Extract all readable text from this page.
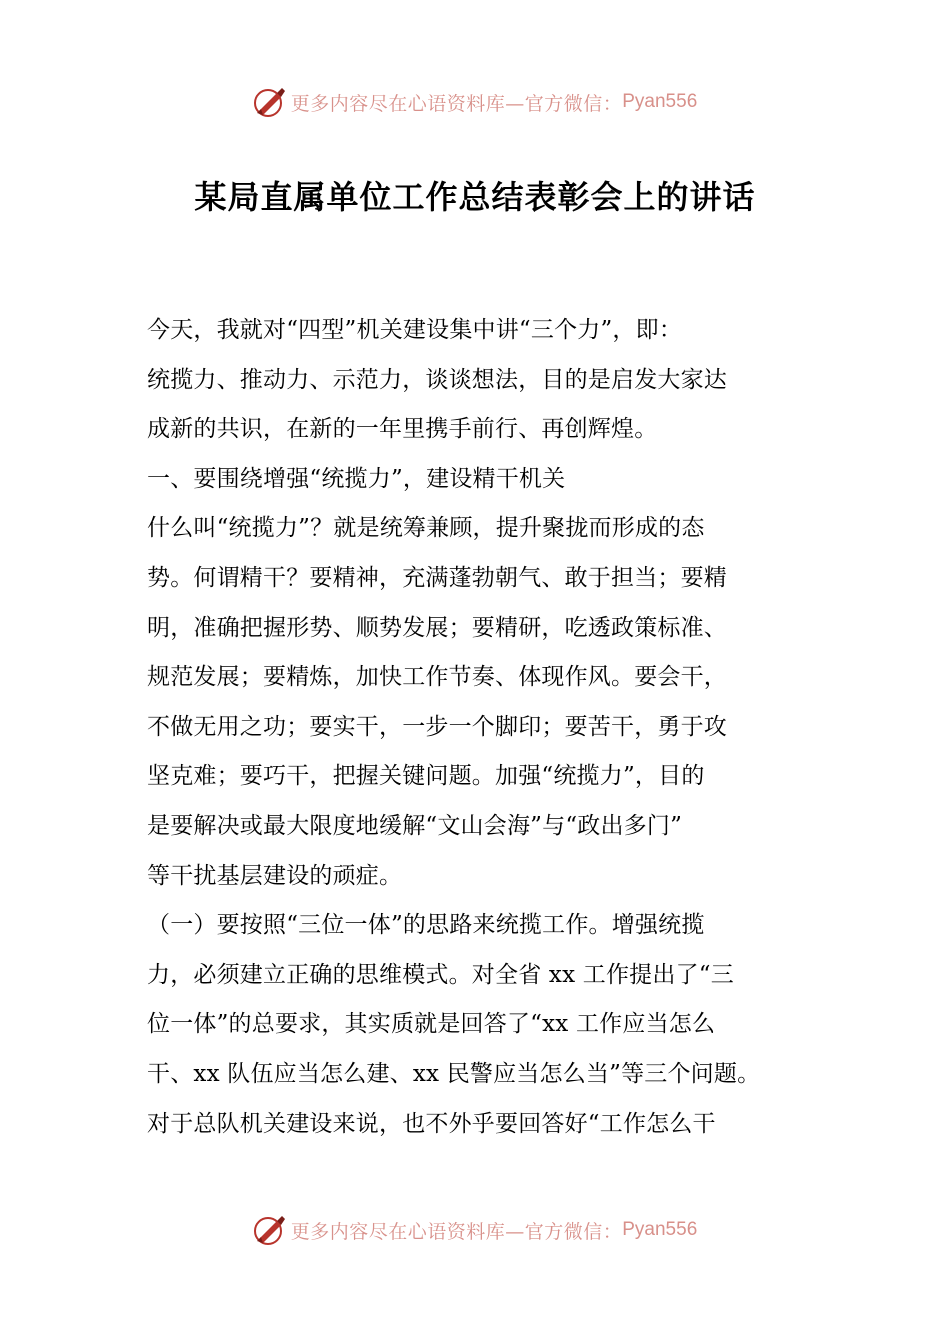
更多内容尽在心语资料库—官方微信： Pyan556
某局直属单位工作总结表彰会上的讲话
今天，我就对“四型”机关建设集中讲“三个力”，即：
统揽力、推动力、示范力，谈谈想法，目的是启发大家达
成新的共识，在新的一年里携手前行、再创辉煌。
一、要围绕增强“统揽力”，建设精干机关
什么叫“统揽力”？就是统筹兼顾，提升聚拢而形成的态
势。何谓精干？要精神，充满蓬勃朝气、敢于担当；要精
明，准确把握形势、顺势发展；要精研，吃透政策标准、
规范发展；要精炼，加快工作节奏、体现作风。要会干，
不做无用之功；要实干，一步一个脚印；要苦干，勇于攻
坚克难；要巧干，把握关键问题。加强“统揽力”，目的
是要解决或最大限度地缓解“文山会海”与“政出多门”
等干扰基层建设的顽症。
（一）要按照“三位一体”的思路来统揽工作。增强统揽
力，必须建立正确的思维模式。对全省 xx 工作提出了“三
位一体”的总要求，其实质就是回答了“xx 工作应当怎么
干、xx 队伍应当怎么建、xx 民警应当怎么当”等三个问题。
对于总队机关建设来说，也不外乎要回答好“工作怎么干
更多内容尽在心语资料库—官方微信： Pyan556
